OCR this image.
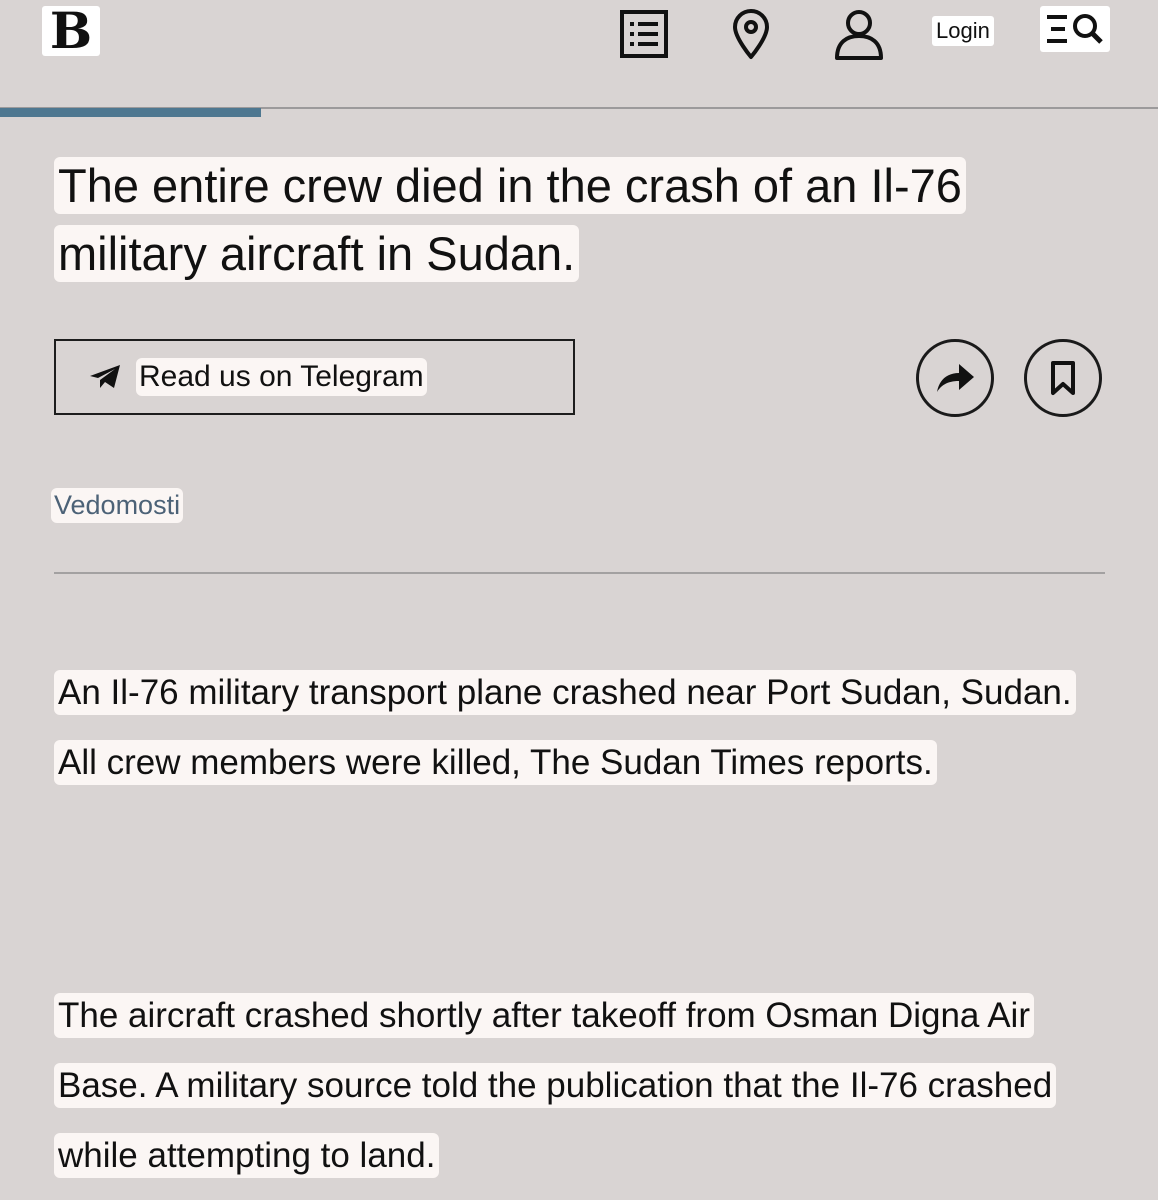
B	Login
The entire crew died in the crash of an Il-76 military aircraft in Sudan.
Read us on Telegram
Vedomosti

An Il-76 military transport plane crashed near Port Sudan, Sudan. All crew members were killed, The Sudan Times reports.

The aircraft crashed shortly after takeoff from Osman Digna Air Base. A military source told the publication that the Il-76 crashed while attempting to land.
